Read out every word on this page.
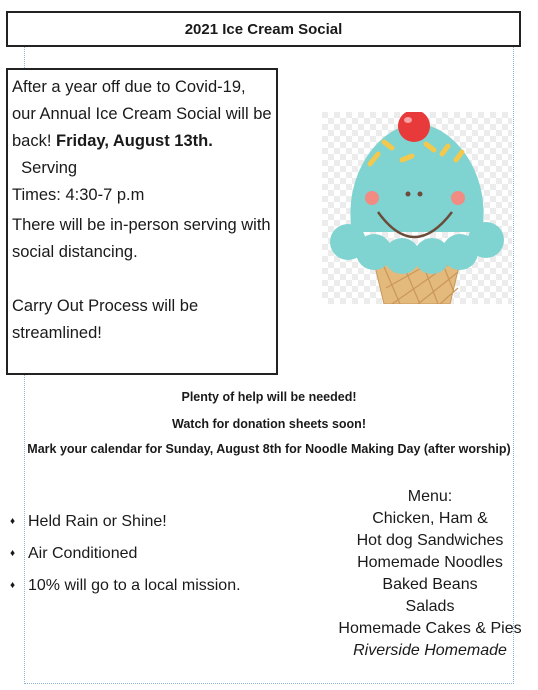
2021 Ice Cream Social

After a year off due to Covid-19,

our Annual Ice Cream Social will be

back! Friday, August 13th.  Serving

Times: 4:30-7 p.m

There will be in-person serving with

social distancing.

Carry Out Process will be

streamlined!

Plenty of help will be needed!
Watch for donation sheets soon!
Mark your calendar for Sunday, August 8th for Noodle Making Day (after worship)
♦ Held Rain or Shine!
♦ Air Conditioned
♦ 10% will go to a local mission.
Menu:
Chicken, Ham &
Hot dog Sandwiches
Homemade Noodles
Baked Beans
Salads
Homemade Cakes & Pies
Riverside Homemade
